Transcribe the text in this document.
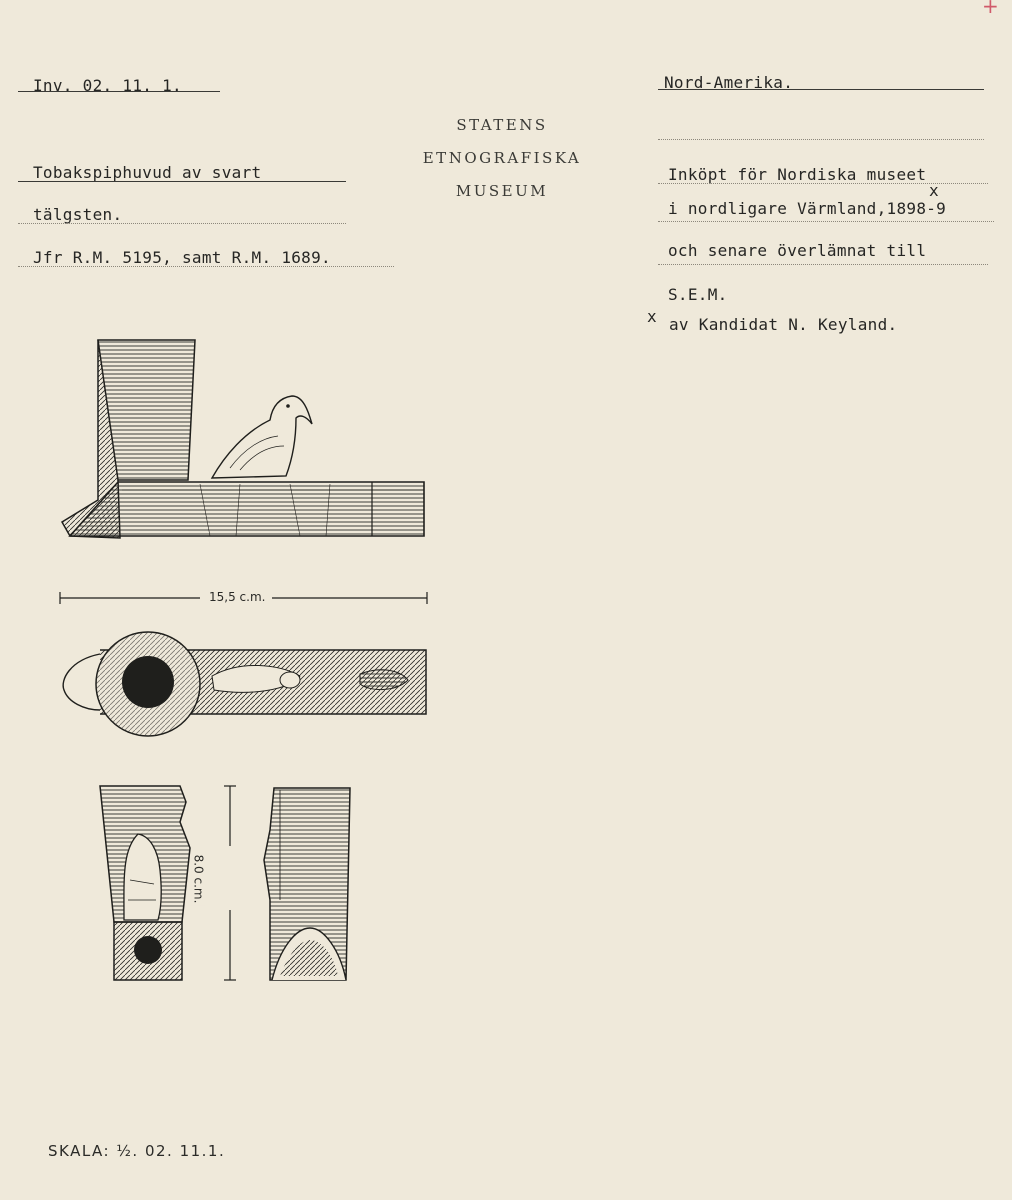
+
Inv. 02. 11. 1.	Nord-Amerika.
STATENS
ETNOGRAFISKA
MUSEUM
Tobakspiphuvud av svart
tälgsten.
Jfr R.M. 5195, samt R.M. 1689.
Inköpt för Nordiska museet
x
i nordligare Värmland,1898-9
och senare överlämnat till
S.E.M.
x av Kandidat N. Keyland.
15,5 c.m.
8.0 c.m.
SKALA: ½. 02. 11.1.
